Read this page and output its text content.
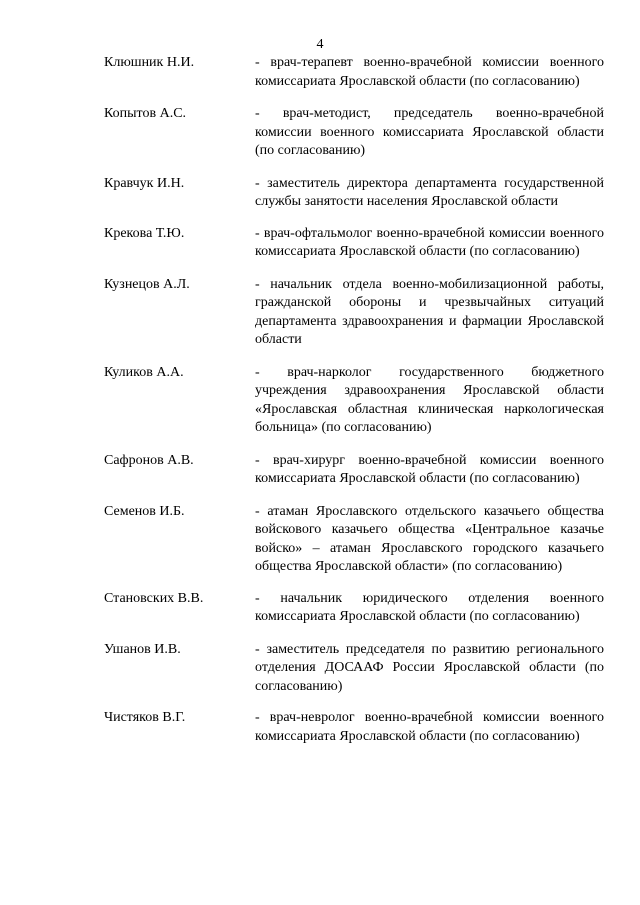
4
Клюшник Н.И.	- врач-терапевт военно-врачебной комиссии военного комиссариата Ярославской области (по согласованию)
Копытов А.С.	- врач-методист, председатель военно-врачебной комиссии военного комиссариата Ярославской области (по согласованию)
Кравчук И.Н.	- заместитель директора департамента государственной службы занятости населения Ярославской области
Крекова Т.Ю.	- врач-офтальмолог военно-врачебной комиссии военного комиссариата Ярославской области (по согласованию)
Кузнецов А.Л.	- начальник отдела военно-мобилизационной работы, гражданской обороны и чрезвычайных ситуаций департамента здравоохранения и фармации Ярославской области
Куликов А.А.	- врач-нарколог государственного бюджетного учреждения здравоохранения Ярославской области «Ярославская областная клиническая наркологическая больница» (по согласованию)
Сафронов А.В.	- врач-хирург военно-врачебной комиссии военного комиссариата Ярославской области (по согласованию)
Семенов И.Б.	- атаман Ярославского отдельского казачьего общества войскового казачьего общества «Центральное казачье войско» – атаман Ярославского городского казачьего общества Ярославской области» (по согласованию)
Становских В.В.	- начальник юридического отделения военного комиссариата Ярославской области (по согласованию)
Ушанов И.В.	- заместитель председателя по развитию регионального отделения ДОСААФ России Ярославской области (по согласованию)
Чистяков В.Г.	- врач-невролог военно-врачебной комиссии военного комиссариата Ярославской области (по согласованию)
